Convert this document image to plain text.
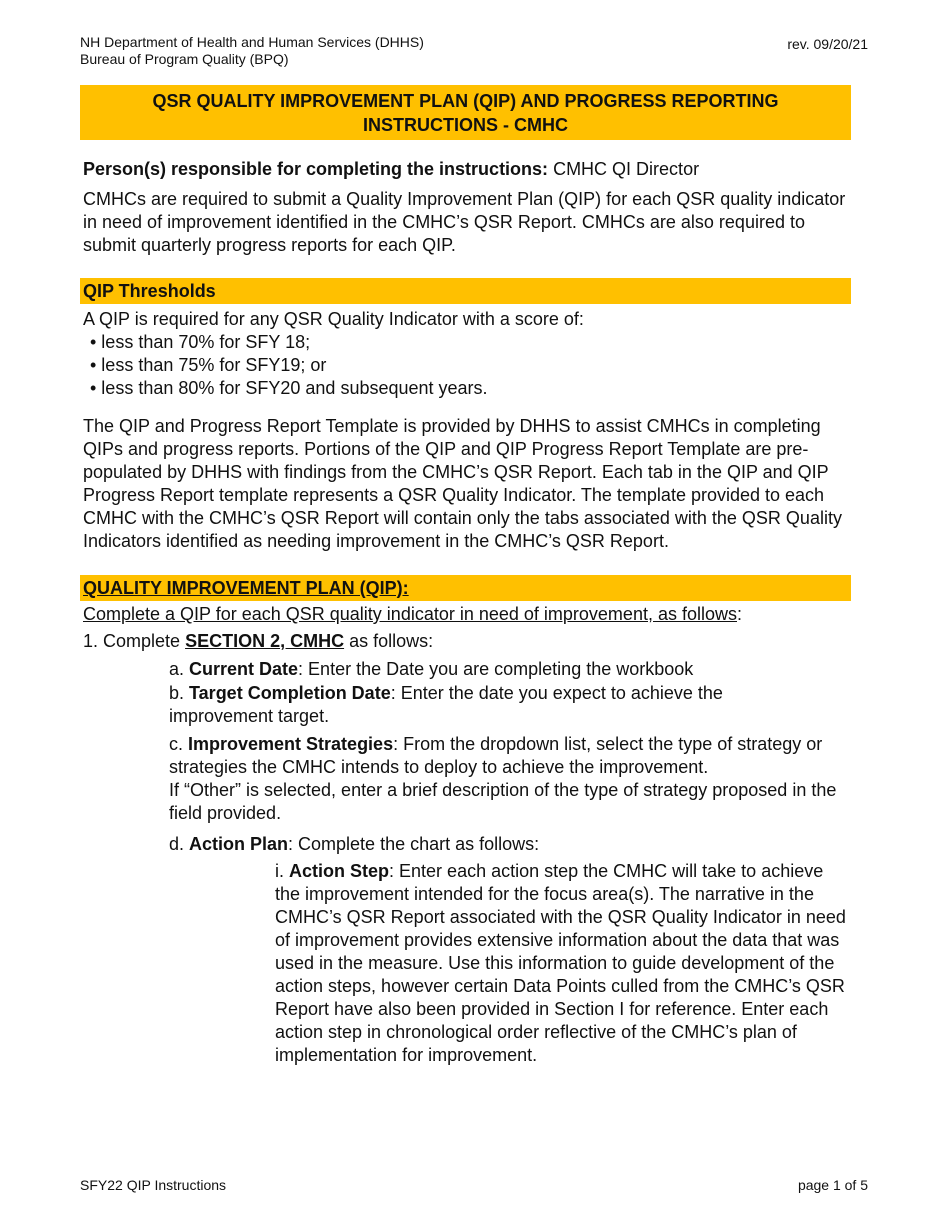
NH Department of Health and Human Services (DHHS)
Bureau of Program Quality (BPQ)
rev. 09/20/21
QSR QUALITY IMPROVEMENT PLAN (QIP) AND PROGRESS REPORTING
INSTRUCTIONS - CMHC
Person(s) responsible for completing the instructions: CMHC QI Director
CMHCs are required to submit a Quality Improvement Plan (QIP) for each QSR quality indicator in need of improvement identified in the CMHC’s QSR Report. CMHCs are also required to submit quarterly progress reports for each QIP.
QIP Thresholds
A QIP is required for any QSR Quality Indicator with a score of:
• less than 70% for SFY 18;
• less than 75% for SFY19; or
• less than 80% for SFY20 and subsequent years.
The QIP and Progress Report Template is provided by DHHS to assist CMHCs in completing QIPs and progress reports. Portions of the QIP and QIP Progress Report Template are pre-populated by DHHS with findings from the CMHC’s QSR Report. Each tab in the QIP and QIP Progress Report template represents a QSR Quality Indicator. The template provided to each CMHC with the CMHC’s QSR Report will contain only the tabs associated with the QSR Quality Indicators identified as needing improvement in the CMHC’s QSR Report.
QUALITY IMPROVEMENT PLAN (QIP):
Complete a QIP for each QSR quality indicator in need of improvement, as follows:
1. Complete SECTION 2, CMHC as follows:
a. Current Date: Enter the Date you are completing the workbook
b. Target Completion Date: Enter the date you expect to achieve the improvement target.
c. Improvement Strategies: From the dropdown list, select the type of strategy or strategies the CMHC intends to deploy to achieve the improvement.
If “Other” is selected, enter a brief description of the type of strategy proposed in the field provided.
d. Action Plan: Complete the chart as follows:
i. Action Step: Enter each action step the CMHC will take to achieve the improvement intended for the focus area(s). The narrative in the CMHC’s QSR Report associated with the QSR Quality Indicator in need of improvement provides extensive information about the data that was used in the measure. Use this information to guide development of the action steps, however certain Data Points culled from the CMHC’s QSR Report have also been provided in Section I for reference. Enter each action step in chronological order reflective of the CMHC’s plan of implementation for improvement.
SFY22 QIP Instructions	page 1 of 5
